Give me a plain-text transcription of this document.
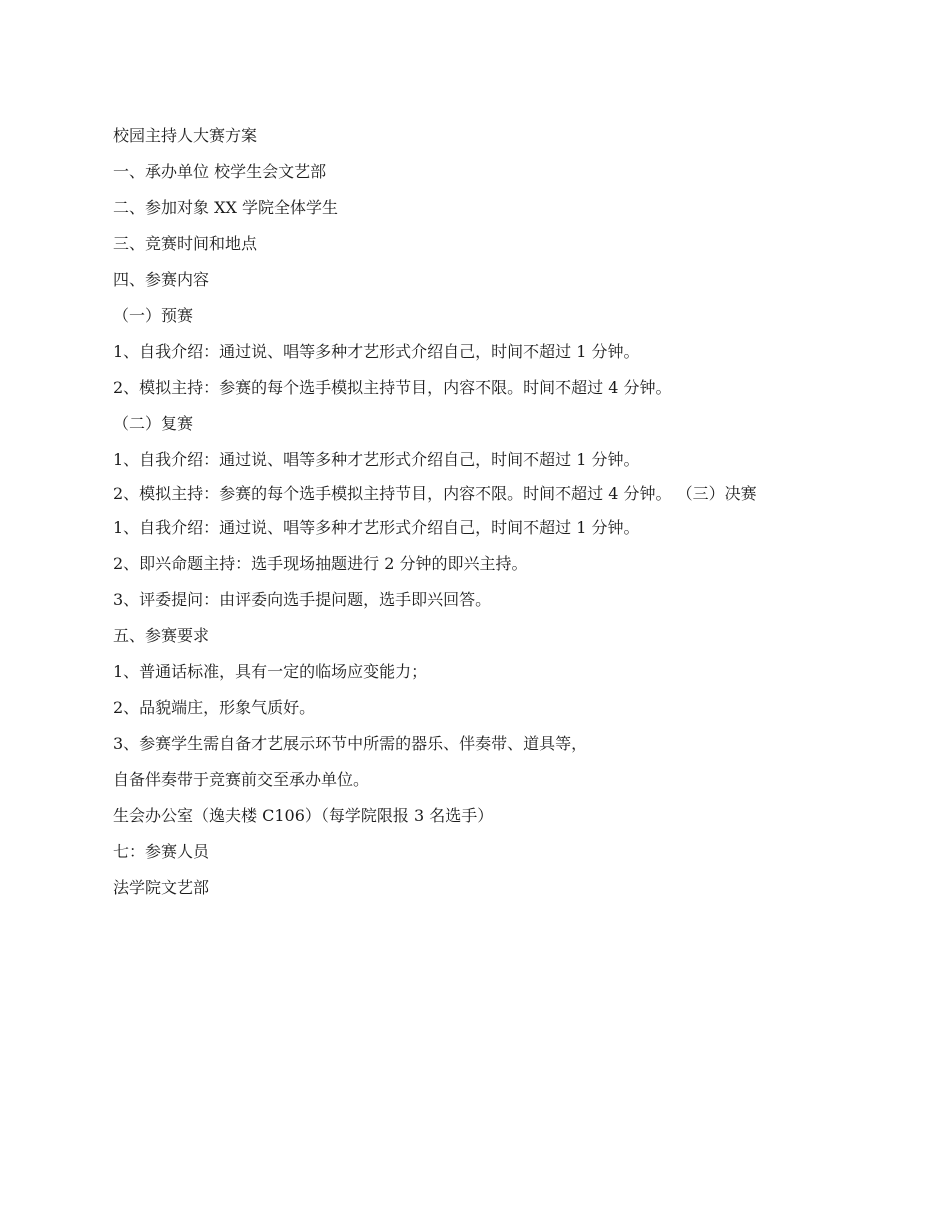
校园主持人大赛方案
一、承办单位 校学生会文艺部
二、参加对象 XX 学院全体学生
三、竞赛时间和地点
四、参赛内容
（一）预赛
1、自我介绍：通过说、唱等多种才艺形式介绍自己，时间不超过 1 分钟。
2、模拟主持：参赛的每个选手模拟主持节目，内容不限。时间不超过 4 分钟。
（二）复赛
1、自我介绍：通过说、唱等多种才艺形式介绍自己，时间不超过 1 分钟。
2、模拟主持：参赛的每个选手模拟主持节目，内容不限。时间不超过 4 分钟。 （三）决赛
1、自我介绍：通过说、唱等多种才艺形式介绍自己，时间不超过 1 分钟。
2、即兴命题主持：选手现场抽题进行 2 分钟的即兴主持。
3、评委提问：由评委向选手提问题，选手即兴回答。
五、参赛要求
1、普通话标准，具有一定的临场应变能力；
2、品貌端庄，形象气质好。
3、参赛学生需自备才艺展示环节中所需的器乐、伴奏带、道具等，
自备伴奏带于竞赛前交至承办单位。
生会办公室（逸夫楼 C106）（每学院限报 3 名选手）
七：参赛人员
法学院文艺部
